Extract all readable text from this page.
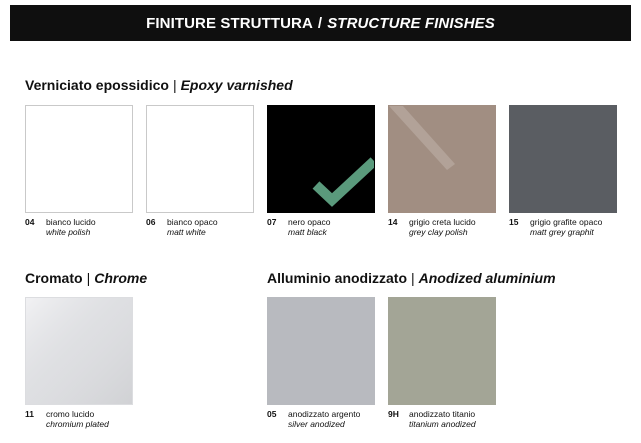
FINITURE STRUTTURA / STRUCTURE FINISHES
Verniciato epossidico | Epoxy varnished
Cromato | Chrome	Alluminio anodizzato | Anodized aluminium
04 bianco lucido
white polish
06 bianco opaco
matt white
07 nero opaco
matt black
14 grigio creta lucido
grey clay polish
15 grigio grafite opaco
matt grey graphit
11 cromo lucido
chromium plated
05 anodizzato argento
silver anodized
9H anodizzato titanio
titanium anodized
